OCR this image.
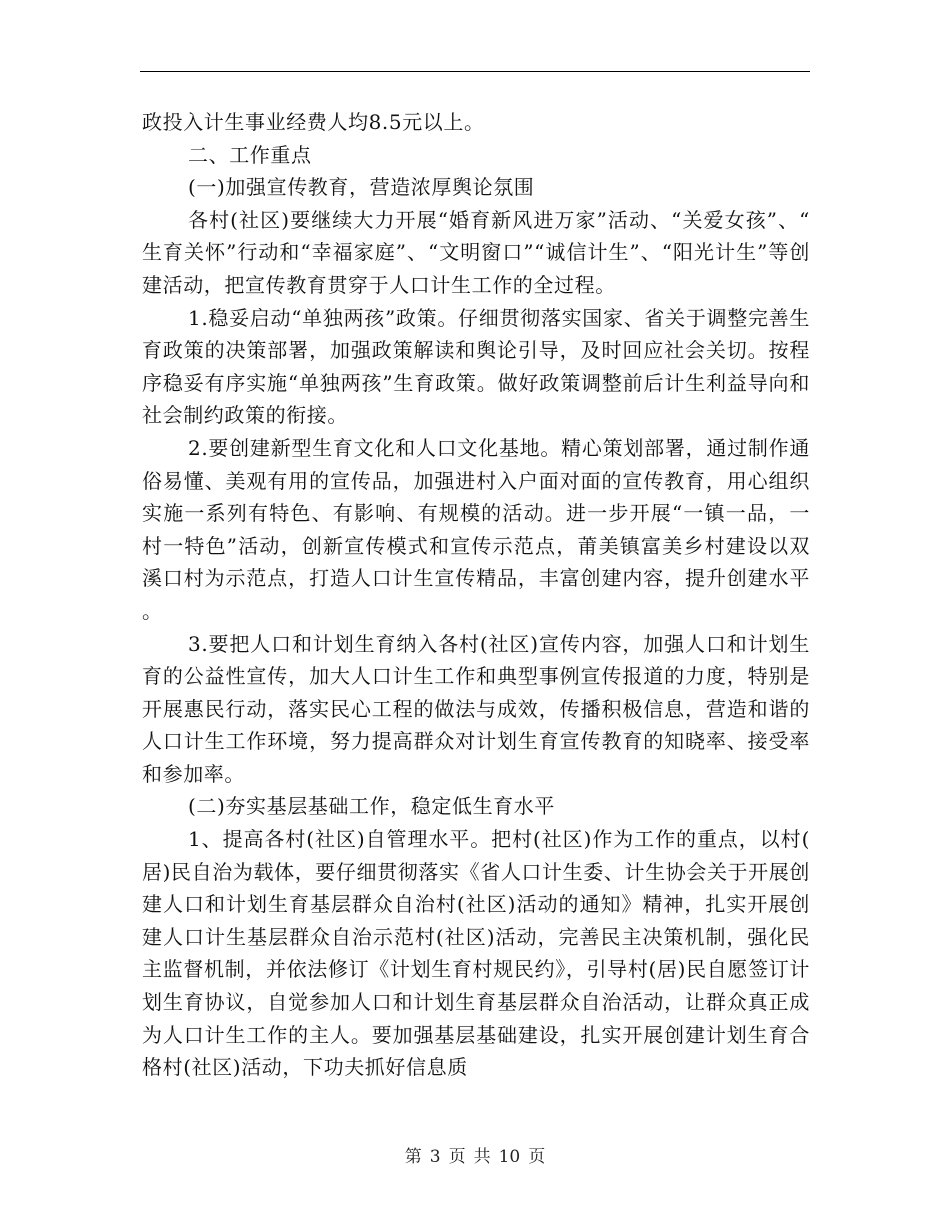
政投入计生事业经费人均8.5元以上。

二、工作重点

(一)加强宣传教育，营造浓厚舆论氛围

各村(社区)要继续大力开展“婚育新风进万家”活动、“关爱女孩”、“生育关怀”行动和“幸福家庭”、“文明窗口”“诚信计生”、“阳光计生”等创建活动，把宣传教育贯穿于人口计生工作的全过程。

1.稳妥启动“单独两孩”政策。仔细贯彻落实国家、省关于调整完善生育政策的决策部署，加强政策解读和舆论引导，及时回应社会关切。按程序稳妥有序实施“单独两孩”生育政策。做好政策调整前后计生利益导向和社会制约政策的衔接。

2.要创建新型生育文化和人口文化基地。精心策划部署，通过制作通俗易懂、美观有用的宣传品，加强进村入户面对面的宣传教育，用心组织实施一系列有特色、有影响、有规模的活动。进一步开展“一镇一品，一村一特色”活动，创新宣传模式和宣传示范点，莆美镇富美乡村建设以双溪口村为示范点，打造人口计生宣传精品，丰富创建内容，提升创建水平。

3.要把人口和计划生育纳入各村(社区)宣传内容，加强人口和计划生育的公益性宣传，加大人口计生工作和典型事例宣传报道的力度，特别是开展惠民行动，落实民心工程的做法与成效，传播积极信息，营造和谐的人口计生工作环境，努力提高群众对计划生育宣传教育的知晓率、接受率和参加率。

(二)夯实基层基础工作，稳定低生育水平

1、提高各村(社区)自管理水平。把村(社区)作为工作的重点，以村(居)民自治为载体，要仔细贯彻落实《省人口计生委、计生协会关于开展创建人口和计划生育基层群众自治村(社区)活动的通知》精神，扎实开展创建人口计生基层群众自治示范村(社区)活动，完善民主决策机制，强化民主监督机制，并依法修订《计划生育村规民约》，引导村(居)民自愿签订计划生育协议，自觉参加人口和计划生育基层群众自治活动，让群众真正成为人口计生工作的主人。要加强基层基础建设，扎实开展创建计划生育合格村(社区)活动，下功夫抓好信息质

第 3 页 共 10 页
